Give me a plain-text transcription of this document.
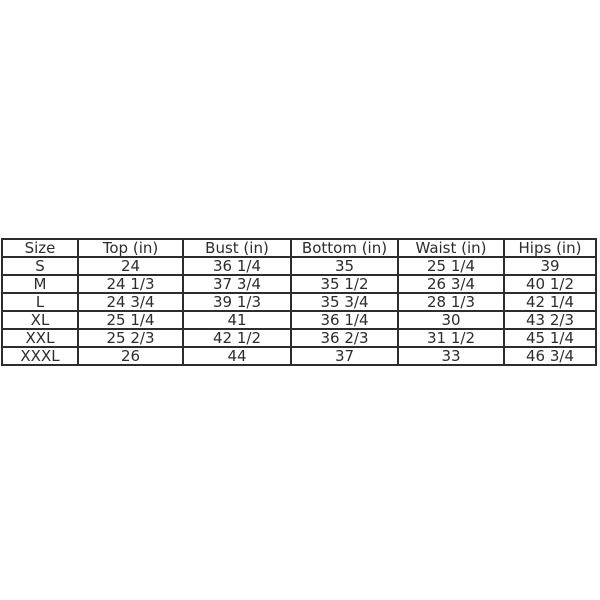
Size	Top (in)	Bust (in)	Bottom (in)	Waist (in)	Hips (in)
S	24	36 1/4	35	25 1/4	39
M	24 1/3	37 3/4	35 1/2	26 3/4	40 1/2
L	24 3/4	39 1/3	35 3/4	28 1/3	42 1/4
XL	25 1/4	41	36 1/4	30	43 2/3
XXL	25 2/3	42 1/2	36 2/3	31 1/2	45 1/4
XXXL	26	44	37	33	46 3/4
